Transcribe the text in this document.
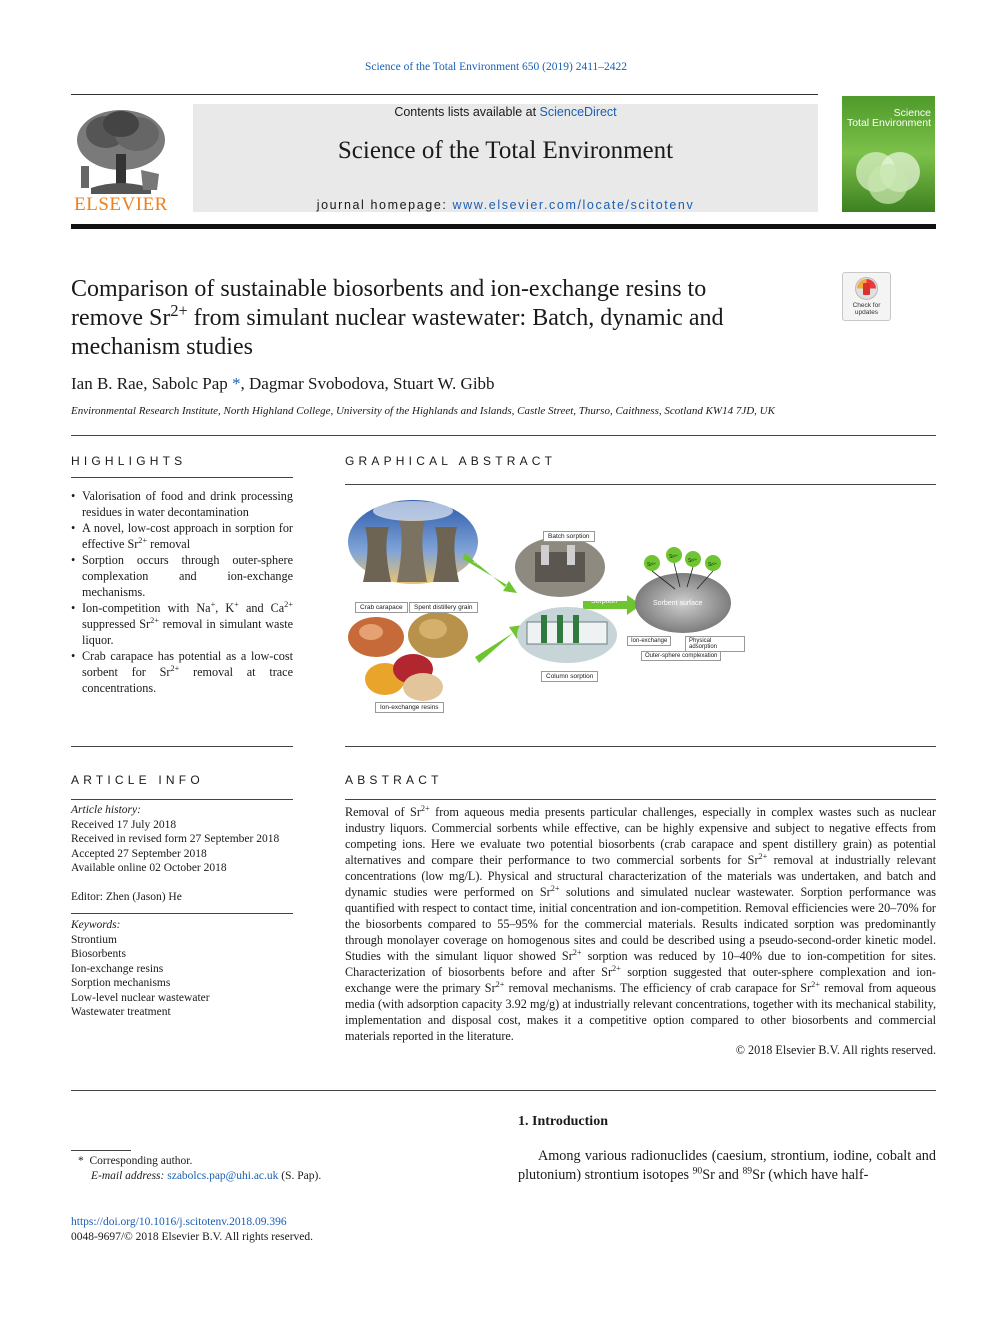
Science of the Total Environment 650 (2019) 2411–2422
ELSEVIER
Contents lists available at ScienceDirect
Science of the Total Environment
journal homepage: www.elsevier.com/locate/scitotenv
Science
Total Environment
Comparison of sustainable biosorbents and ion-exchange resins to
remove $Sr^{2+}$ from simulant nuclear wastewater: Batch, dynamic and
mechanism studies
Check for updates
Ian B. Rae, Sabolc Pap *, Dagmar Svobodova, Stuart W. Gibb
Environmental Research Institute, North Highland College, University of the Highlands and Islands, Castle Street, Thurso, Caithness, Scotland KW14 7JD, UK
HIGHLIGHTS
• Valorisation of food and drink processing residues in water decontamination
• A novel, low-cost approach in sorption for effective $Sr^{2+}$ removal
• Sorption occurs through outer-sphere complexation and ion-exchange mechanisms.
• Ion-competition with Na+, K+ and $Ca^{2+}$ suppressed $Sr^{2+}$ removal in simulant waste liquor.
• Crab carapace has potential as a low-cost sorbent for $Sr^{2+}$ removal at trace concentrations.
GRAPHICAL ABSTRACT
Batch sorption
Crab carapace	Spent distillery grain
Ion-exchange resins
Column sorption
Sorption	Sorbent surface
Ion-exchange	Physical adsorption
Outer-sphere complexation
Batch studies
Column
Sr²⁺
Sr²⁺
Sr²⁺
Sr²⁺
ARTICLE INFO
Article history:
Received 17 July 2018
Received in revised form 27 September 2018
Accepted 27 September 2018
Available online 02 October 2018
Editor: Zhen (Jason) He
Keywords:
Strontium
Biosorbents
Ion-exchange resins
Sorption mechanisms
Low-level nuclear wastewater
Wastewater treatment
ABSTRACT
Removal of $Sr^{2+}$ from aqueous media presents particular challenges, especially in complex wastes such as nuclear industry liquors. Commercial sorbents while effective, can be highly expensive and subject to negative effects from competing ions. Here we evaluate two potential biosorbents (crab carapace and spent distillery grain) as potential alternatives and compare their performance to two commercial sorbents for $Sr^{2+}$ removal at industrially relevant concentrations (low mg/L). Physical and structural characterization of the materials was undertaken, and batch and dynamic studies were performed on $Sr^{2+}$ solutions and simulated nuclear wastewater. Sorption performance was quantified with respect to contact time, initial concentration and ion-competition. Removal efficiencies were 20–70% for the biosorbents compared to 55–95% for the commercial materials. Results indicated sorption was predominantly through monolayer coverage on homogenous sites and could be described using a pseudo-second-order kinetic model. Studies with the simulant liquor showed $Sr^{2+}$ sorption was reduced by 10–40% due to ion-competition for sites. Characterization of biosorbents before and after $Sr^{2+}$ sorption suggested that outer-sphere complexation and ion-exchange were the primary $Sr^{2+}$ removal mechanisms. The efficiency of crab carapace for $Sr^{2+}$ removal from aqueous media (with adsorption capacity 3.92 mg/g) at industrially relevant concentrations, together with its mechanical stability, implementation and disposal cost, makes it a competitive option compared to other biosorbents and commercial materials reported in the literature.
© 2018 Elsevier B.V. All rights reserved.
1. Introduction
Among various radionuclides (caesium, strontium, iodine, cobalt and plutonium) strontium isotopes $^{90}$Sr and $^{89}$Sr (which have half-
* Corresponding author.
E-mail address: szabolcs.pap@uhi.ac.uk (S. Pap).
https://doi.org/10.1016/j.scitotenv.2018.09.396
0048-9697/© 2018 Elsevier B.V. All rights reserved.
